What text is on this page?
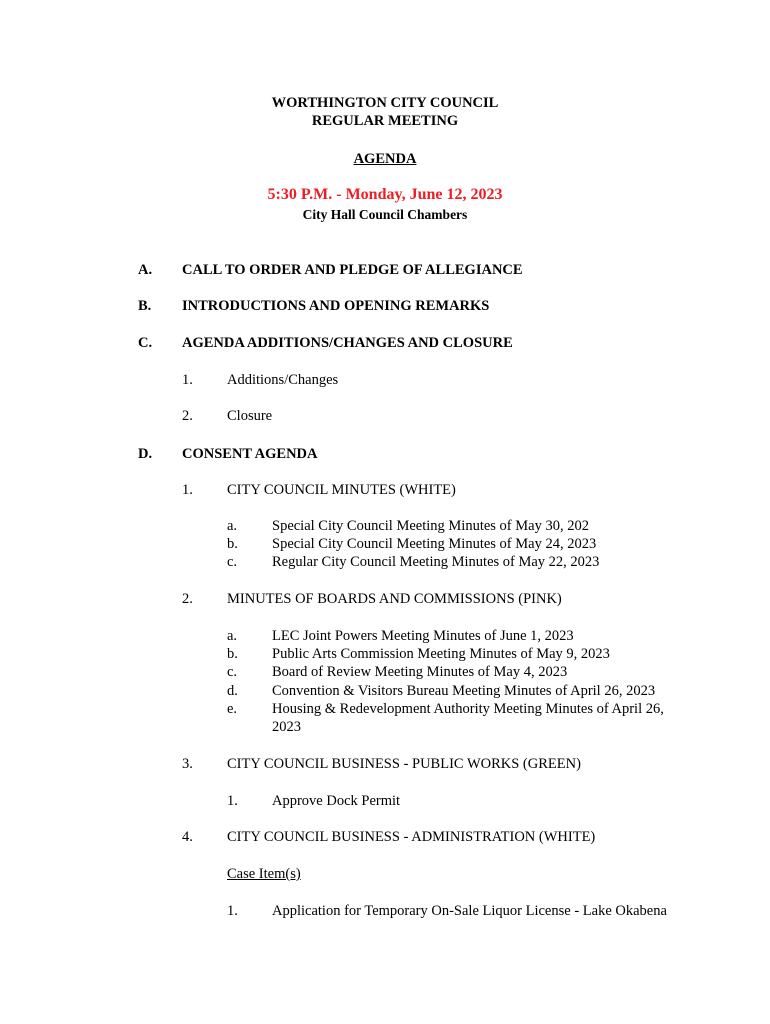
WORTHINGTON CITY COUNCIL
REGULAR MEETING
AGENDA
5:30 P.M. - Monday, June 12, 2023
City Hall Council Chambers
A. CALL TO ORDER AND PLEDGE OF ALLEGIANCE
B. INTRODUCTIONS AND OPENING REMARKS
C. AGENDA ADDITIONS/CHANGES AND CLOSURE
1. Additions/Changes
2. Closure
D. CONSENT AGENDA
1. CITY COUNCIL MINUTES (WHITE)
a. Special City Council Meeting Minutes of May 30, 202
b. Special City Council Meeting Minutes of May 24, 2023
c. Regular City Council Meeting Minutes of May 22, 2023
2. MINUTES OF BOARDS AND COMMISSIONS (PINK)
a. LEC Joint Powers Meeting Minutes of June 1, 2023
b. Public Arts Commission Meeting Minutes of May 9, 2023
c. Board of Review Meeting Minutes of May 4, 2023
d. Convention & Visitors Bureau Meeting Minutes of April 26, 2023
e. Housing & Redevelopment Authority Meeting Minutes of April 26,
2023
3. CITY COUNCIL BUSINESS - PUBLIC WORKS (GREEN)
1. Approve Dock Permit
4. CITY COUNCIL BUSINESS - ADMINISTRATION (WHITE)
Case Item(s)
1. Application for Temporary On-Sale Liquor License - Lake Okabena
